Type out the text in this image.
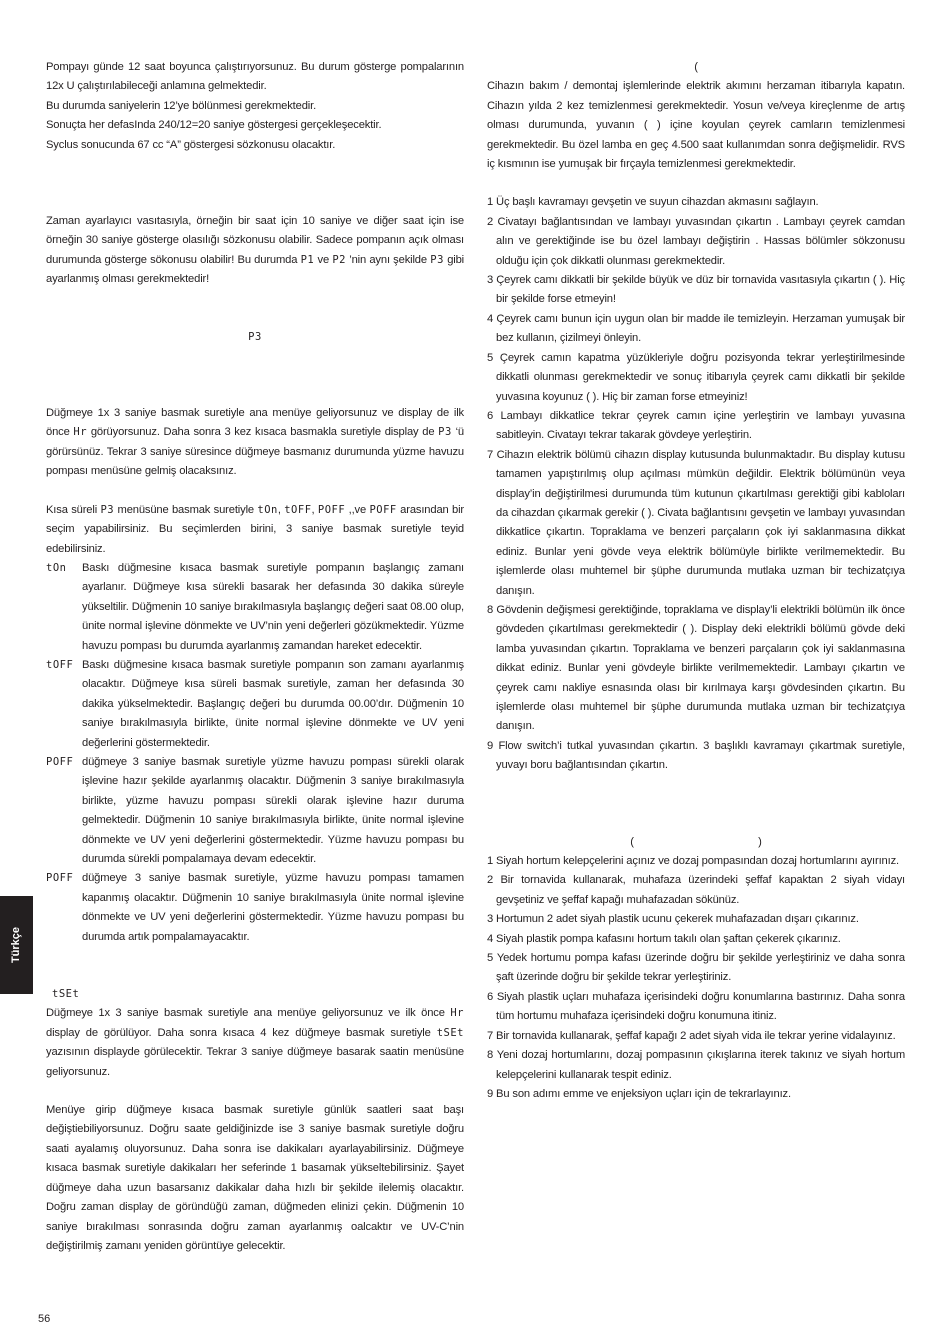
Pompayı günde 12 saat boyunca çalıştırıyorsunuz. Bu durum gösterge pompalarının 12x U çalıştırılabileceği anlamına gelmektedir.

Bu durumda saniyelerin 12’ye bölünmesi gerekmektedir.

Sonuçta her defasInda 240/12=20 saniye göstergesi gerçekleşecektir.

Syclus sonucunda 67 cc “A” göstergesi sözkonusu olacaktır.

Zaman ayarlayıcı vasıtasıyla, örneğin bir saat için 10 saniye ve diğer saat için ise örneğin 30 saniye gösterge olasılığı sözkonusu olabilir. Sadece pompanın açık olması durumunda gösterge sökonusu olabilir! Bu durumda P1 ve P2 ’nin aynı şekilde P3 gibi ayarlanmış olması gerekmektedir!

P3

Düğmeye 1x 3 saniye basmak suretiyle ana menüye geliyorsunuz ve display de ilk önce Hr görüyorsunuz. Daha sonra 3 kez kısaca basmakla suretiyle display de P3 ‘ü görürsünüz. Tekrar 3 saniye süresince düğmeye basmanız durumunda yüzme havuzu pompası menüsüne gelmiş olacaksınız.

Kısa süreli P3 menüsüne basmak suretiyle tOn, tOFF, POFF ,,ve POFF arasından bir seçim yapabilirsiniz. Bu seçimlerden birini, 3 saniye basmak suretiyle teyid edebilirsiniz.

tOn	Baskı düğmesine kısaca basmak suretiyle pompanın başlangıç zamanı ayarlanır. Düğmeye kısa sürekli basarak her defasında 30 dakika süreyle yükseltilir. Düğmenin 10 saniye bırakılmasıyla başlangıç değeri saat 08.00 olup, ünite normal işlevine dönmekte ve UV’nin yeni değerleri gözükmektedir. Yüzme havuzu pompası bu durumda ayarlanmış zamandan hareket edecektir.
tOFF Baskı düğmesine kısaca basmak suretiyle pompanın son zamanı ayarlanmış olacaktır. Düğmeye kısa süreli basmak suretiyle, zaman her defasında 30 dakika yükselmektedir. Başlangıç değeri bu durumda 00.00’dır. Düğmenin 10 saniye bırakılmasıyla birlikte, ünite normal işlevine dönmekte ve UV yeni değerlerini göstermektedir.
POFF düğmeye 3 saniye basmak suretiyle yüzme havuzu pompası sürekli olarak işlevine hazır şekilde ayarlanmış olacaktır. Düğmenin 3 saniye bırakılmasıyla birlikte, yüzme havuzu pompası sürekli olarak işlevine hazır duruma gelmektedir. Düğmenin 10 saniye bırakılmasıyla birlikte, ünite normal işlevine dönmekte ve UV yeni değerlerini göstermektedir. Yüzme havuzu pompası bu durumda sürekli pompalamaya devam edecektir.
POFF düğmeye 3 saniye basmak suretiyle, yüzme havuzu pompası tamamen kapanmış olacaktır. Düğmenin 10 saniye bırakılmasıyla ünite normal işlevine dönmekte ve UV yeni değerlerini göstermektedir. Yüzme havuzu pompası bu durumda artık pompalamayacaktır.

tSEt

Düğmeye 1x 3 saniye basmak suretiyle ana menüye geliyorsunuz ve ilk önce Hr display de görülüyor. Daha sonra kısaca 4 kez düğmeye basmak suretiyle tSEt yazısının displayde görülecektir. Tekrar 3 saniye düğmeye basarak saatin menüsüne geliyorsunuz.

Menüye girip düğmeye kısaca basmak suretiyle günlük saatleri saat başı değiştiebiliyorsunuz. Doğru saate geldiğinizde ise 3 saniye basmak suretiyle doğru saati ayalamış oluyorsunuz. Daha sonra ise dakikaları ayarlayabilirsiniz. Düğmeye kısaca basmak suretiyle dakikaları her seferinde 1 basamak yükseltebilirsiniz. Şayet düğmeye daha uzun basarsanız dakikalar daha hızlı bir şekilde ilelemiş olacaktır. Doğru zaman display de göründüğü zaman, düğmeden elinizi çekin. Düğmenin 10 saniye bırakılması sonrasında doğru zaman ayarlanmış oalcaktır ve UV-C’nin değiştirilmiş zamanı yeniden görüntüye gelecektir.

(

Cihazın bakım / demontaj işlemlerinde elektrik akımını herzaman itibarıyla kapatın. Cihazın yılda 2 kez temizlenmesi gerekmektedir. Yosun ve/veya kireçlenme de artış olması durumunda, yuvanın ( ) içine koyulan çeyrek camların temizlenmesi gerekmektedir. Bu özel lamba en geç 4.500 saat kullanımdan sonra değişmelidir. RVS iç kısmının ise yumuşak bir fırçayla temizlenmesi gerekmektedir.

1 Üç başlı kavramayı gevşetin ve suyun cihazdan akmasını sağlayın.
2 Civatayı bağlantısından ve lambayı yuvasından çıkartın . Lambayı çeyrek camdan alın ve gerektiğinde ise bu özel lambayı değiştirin . Hassas bölümler sökzonusu olduğu için çok dikkatli olunması gerekmektedir.
3 Çeyrek camı dikkatli bir şekilde büyük ve düz bir tornavida vasıtasıyla çıkartın ( ). Hiç bir şekilde forse etmeyin!
4 Çeyrek camı bunun için uygun olan bir madde ile temizleyin. Herzaman yumuşak bir bez kullanın, çizilmeyi önleyin.
5 Çeyrek camın kapatma yüzükleriyle doğru pozisyonda tekrar yerleştirilmesinde dikkatli olunması gerekmektedir ve sonuç itibarıyla çeyrek camı dikkatli bir şekilde yuvasına koyunuz ( ). Hiç bir zaman forse etmeyiniz!
6 Lambayı dikkatlice tekrar çeyrek camın içine yerleştirin ve lambayı yuvasına sabitleyin. Civatayı tekrar takarak gövdeye yerleştirin.
7 Cihazın elektrik bölümü cihazın display kutusunda bulunmaktadır. Bu display kutusu tamamen yapıştırılmış olup açılması mümkün değildir. Elektrik bölümünün veya display’in değiştirilmesi durumunda tüm kutunun çıkartılması gerektiği gibi kabloları da cihazdan çıkarmak gerekir ( ). Civata bağlantısını gevşetin ve lambayı yuvasından dikkatlice çıkartın. Topraklama ve benzeri parçaların çok iyi saklanmasına dikkat ediniz. Bunlar yeni gövde veya elektrik bölümüyle birlikte verilmemektedir. Bu işlemlerde olası muhtemel bir şüphe durumunda mutlaka uzman bir techizatçıya danışın.
8 Gövdenin değişmesi gerektiğinde, topraklama ve display’li elektrikli bölümün ilk önce gövdeden çıkartılması gerekmektedir ( ). Display deki elektrikli bölümü gövde deki lamba yuvasından çıkartın. Topraklama ve benzeri parçaların çok iyi saklanmasına dikkat ediniz. Bunlar yeni gövdeyle birlikte verilmemektedir. Lambayı çıkartın ve çeyrek camı nakliye esnasında olası bir kırılmaya karşı gövdesinden çıkartın. Bu işlemlerde olası muhtemel bir şüphe durumunda mutlaka uzman bir techizatçıya danışın.
9 Flow switch’i tutkal yuvasından çıkartın. 3 başlıklı kavramayı çıkartmak suretiyle, yuvayı boru bağlantısından çıkartın.

(                                          )

1 Siyah hortum kelepçelerini açınız ve dozaj pompasından dozaj hortumlarını ayırınız.
2 Bir tornavida kullanarak, muhafaza üzerindeki şeffaf kapaktan 2 siyah vidayı gevşetiniz ve şeffaf kapağı muhafazadan sökünüz.
3 Hortumun 2 adet siyah plastik ucunu çekerek muhafazadan dışarı çıkarınız.
4 Siyah plastik pompa kafasını hortum takılı olan şaftan çekerek çıkarınız.
5 Yedek hortumu pompa kafası üzerinde doğru bir şekilde yerleştiriniz ve daha sonra şaft üzerinde doğru bir şekilde tekrar yerleştiriniz.
6 Siyah plastik uçları muhafaza içerisindeki doğru konumlarına bastırınız. Daha sonra tüm hortumu muhafaza içerisindeki doğru konumuna itiniz.
7 Bir tornavida kullanarak, şeffaf kapağı 2 adet siyah vida ile tekrar yerine vidalayınız.
8 Yeni dozaj hortumlarını, dozaj pompasının çıkışlarına iterek takınız ve siyah hortum kelepçelerini kullanarak tespit ediniz.
9 Bu son adımı emme ve enjeksiyon uçları için de tekrarlayınız.
Türkçe
56
